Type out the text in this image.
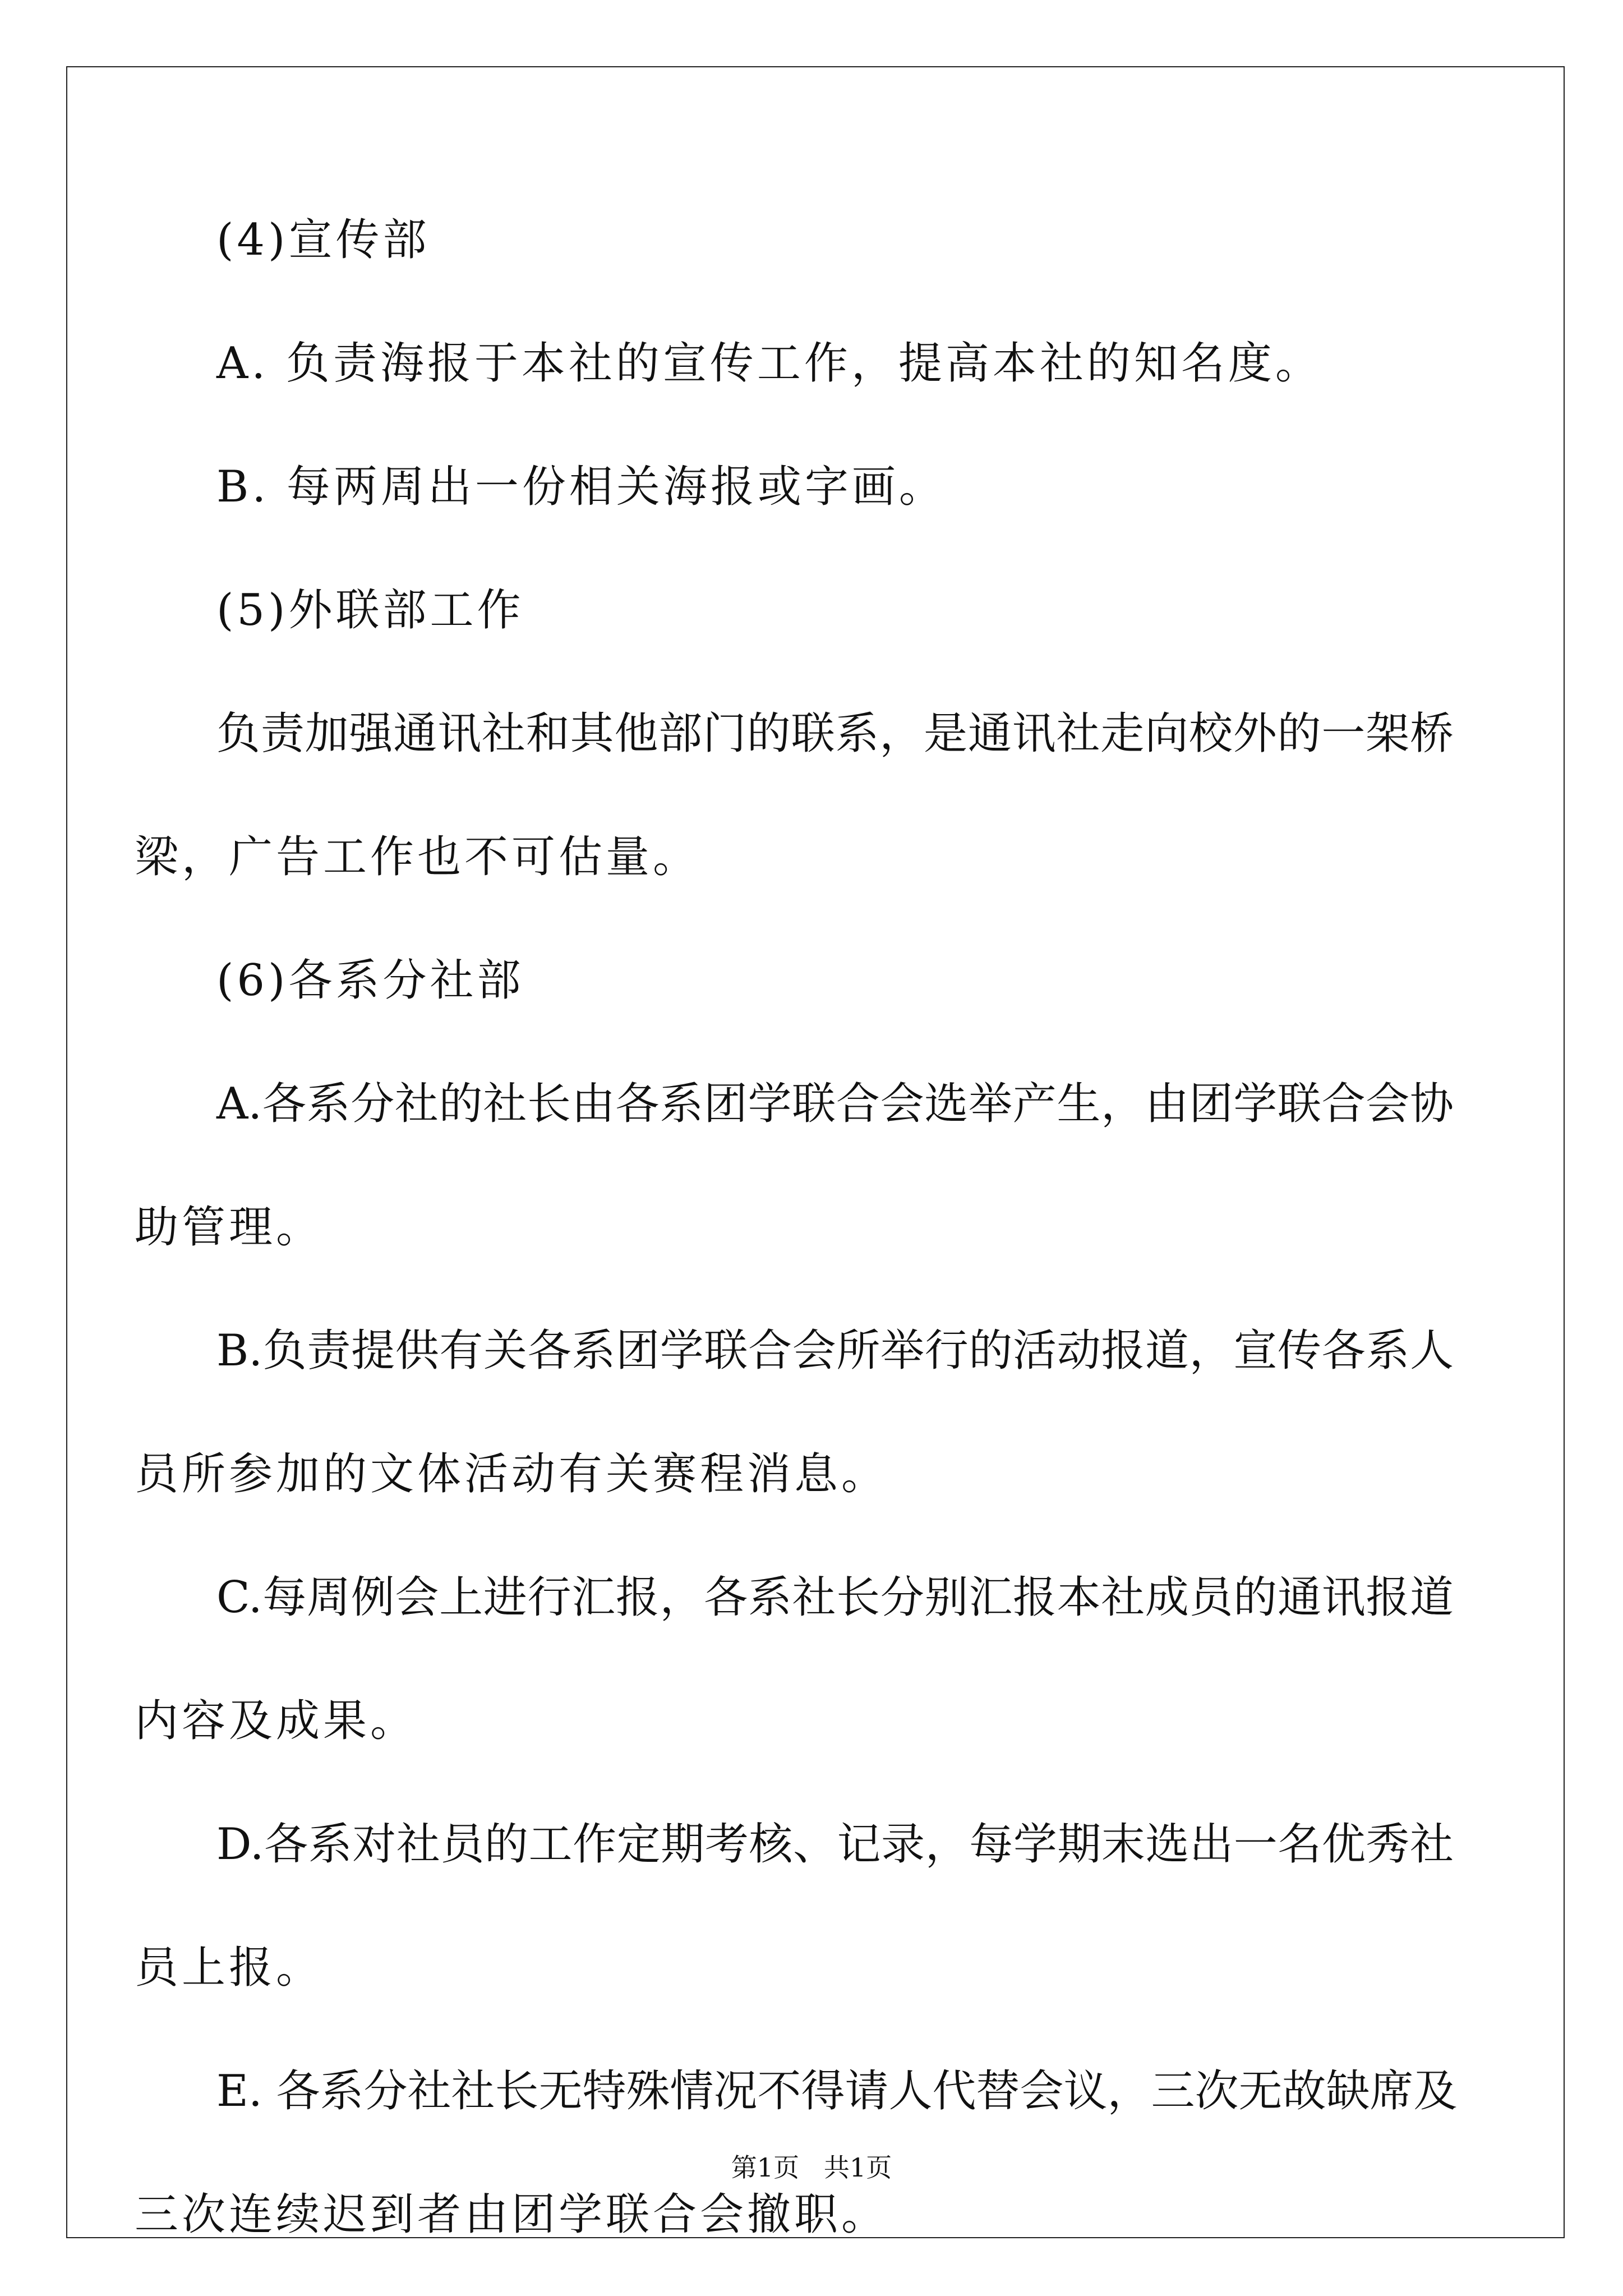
(4)宣传部
A. 负责海报于本社的宣传工作，提高本社的知名度。
B. 每两周出一份相关海报或字画。
(5)外联部工作
负责加强通讯社和其他部门的联系，是通讯社走向校外的一架桥
梁，广告工作也不可估量。
(6)各系分社部
A.各系分社的社长由各系团学联合会选举产生，由团学联合会协
助管理。
B.负责提供有关各系团学联合会所举行的活动报道，宣传各系人
员所参加的文体活动有关赛程消息。
C.每周例会上进行汇报，各系社长分别汇报本社成员的通讯报道
内容及成果。
D.各系对社员的工作定期考核、记录，每学期末选出一名优秀社
员上报。
E. 各系分社社长无特殊情况不得请人代替会议，三次无故缺席及
三次连续迟到者由团学联合会撤职。
第1页   共1页
